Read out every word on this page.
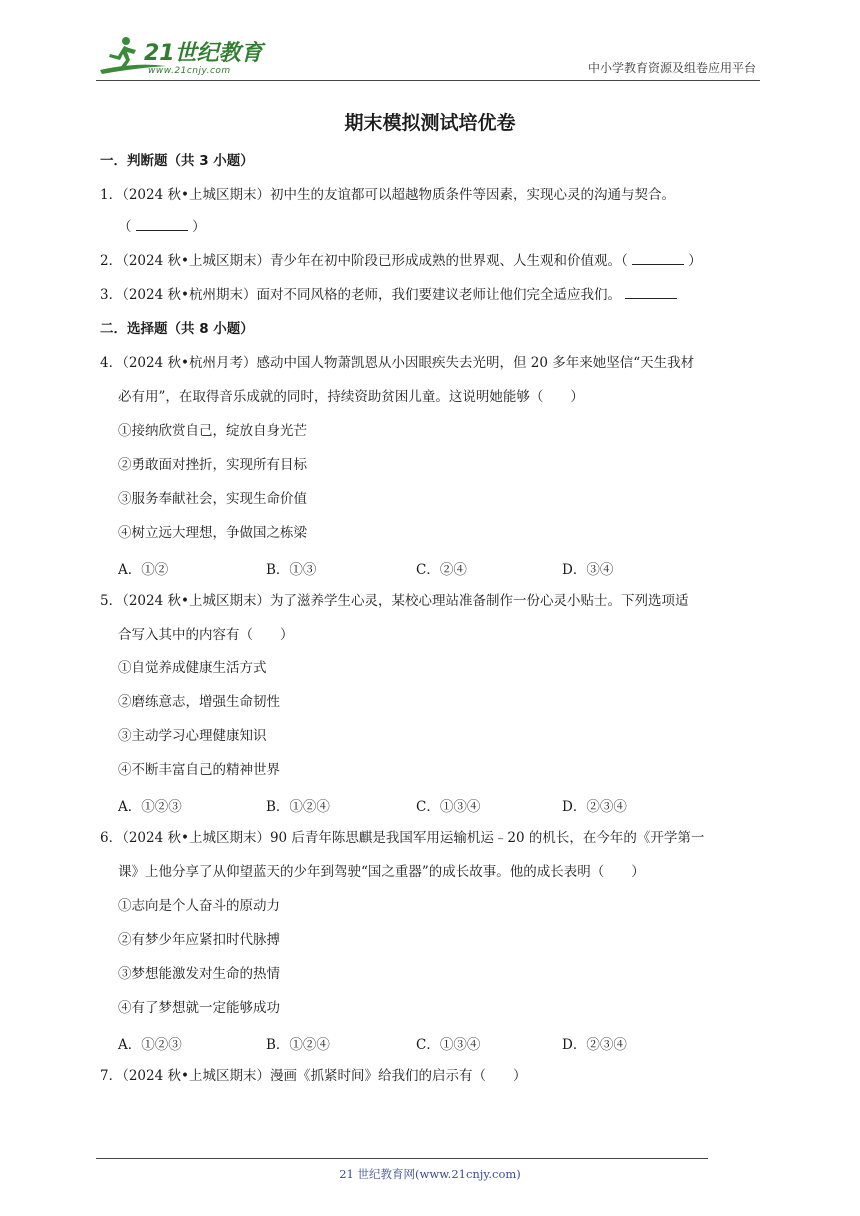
21世纪教育
www.21cnjy.com	中小学教育资源及组卷应用平台
期末模拟测试培优卷
一．判断题（共 3 小题）
1．（2024 秋•上城区期末）初中生的友谊都可以超越物质条件等因素，实现心灵的沟通与契合。
（	）
2．（2024 秋•上城区期末）青少年在初中阶段已形成成熟的世界观、人生观和价值观。（	）
3．（2024 秋•杭州期末）面对不同风格的老师，我们要建议老师让他们完全适应我们。
二．选择题（共 8 小题）
4．（2024 秋•杭州月考）感动中国人物萧凯恩从小因眼疾失去光明，但 20 多年来她坚信“天生我材
必有用”，在取得音乐成就的同时，持续资助贫困儿童。这说明她能够（　　）
①接纳欣赏自己，绽放自身光芒
②勇敢面对挫折，实现所有目标
③服务奉献社会，实现生命价值
④树立远大理想，争做国之栋梁
A．①②	B．①③	C．②④	D．③④
5．（2024 秋•上城区期末）为了滋养学生心灵，某校心理站准备制作一份心灵小贴士。下列选项适
合写入其中的内容有（　　）
①自觉养成健康生活方式
②磨练意志，增强生命韧性
③主动学习心理健康知识
④不断丰富自己的精神世界
A．①②③	B．①②④	C．①③④	D．②③④
6．（2024 秋•上城区期末）90 后青年陈思麒是我国军用运输机运﹣20 的机长，在今年的《开学第一
课》上他分享了从仰望蓝天的少年到驾驶“国之重器”的成长故事。他的成长表明（　　）
①志向是个人奋斗的原动力
②有梦少年应紧扣时代脉搏
③梦想能激发对生命的热情
④有了梦想就一定能够成功
A．①②③	B．①②④	C．①③④	D．②③④
7．（2024 秋•上城区期末）漫画《抓紧时间》给我们的启示有（　　）
21 世纪教育网(www.21cnjy.com)
